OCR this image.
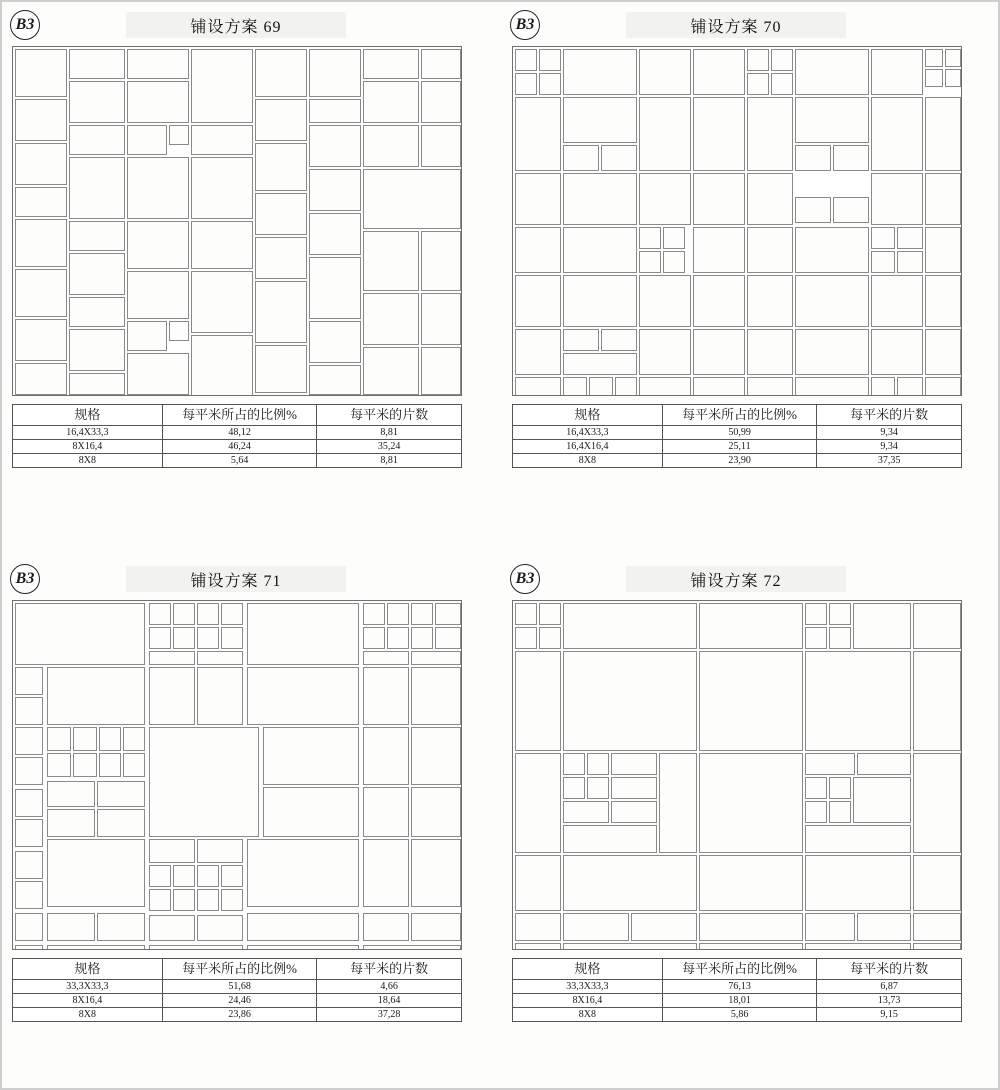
B3	铺设方案 69
规格	每平米所占的比例%	每平米的片数
16,4X33,3	48,12	8,81
8X16,4	46,24	35,24
8X8	5,64	8,81
B3	铺设方案 70
规格	每平米所占的比例%	每平米的片数
16,4X33,3	50,99	9,34
16,4X16,4	25,11	9,34
8X8	23,90	37,35
B3	铺设方案 71
规格	每平米所占的比例%	每平米的片数
33,3X33,3	51,68	4,66
8X16,4	24,46	18,64
8X8	23,86	37,28
B3	铺设方案 72
规格	每平米所占的比例%	每平米的片数
33,3X33,3	76,13	6,87
8X16,4	18,01	13,73
8X8	5,86	9,15
